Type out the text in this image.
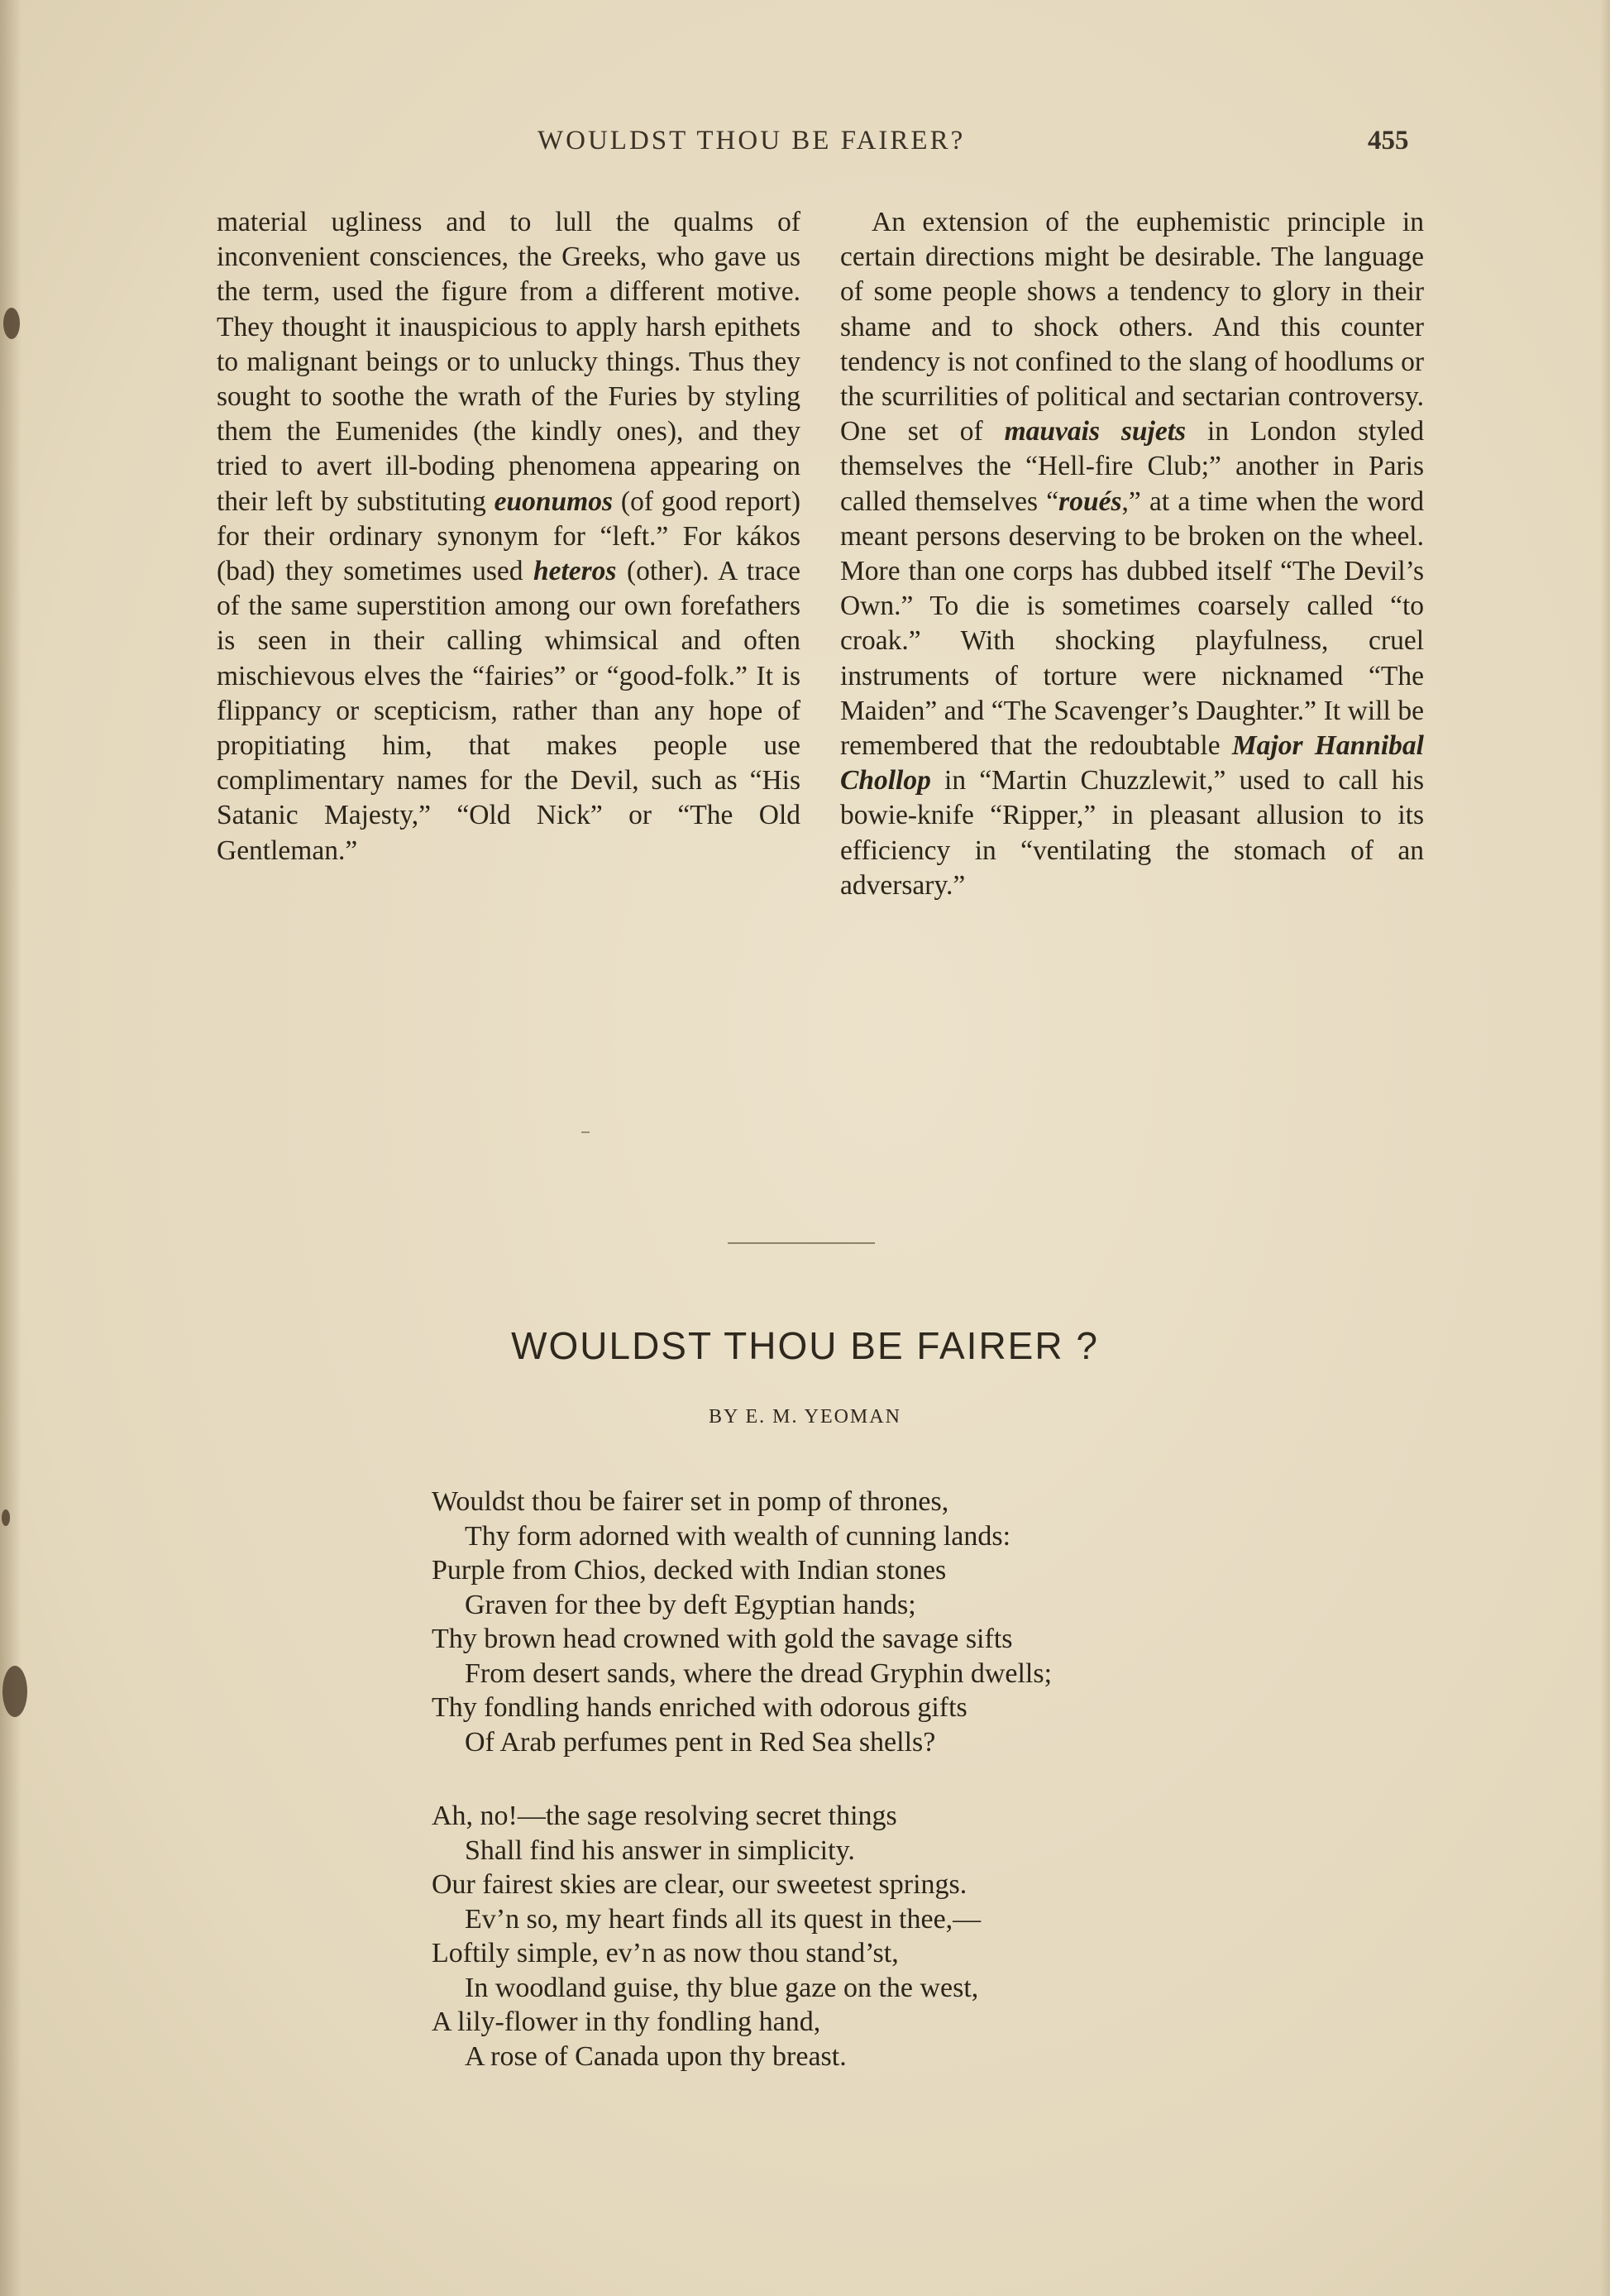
WOULDST THOU BE FAIRER?	455

material ugliness and to lull the qualms of inconvenient consciences, the Greeks, who gave us the term, used the figure from a different motive. They thought it inauspicious to apply harsh epithets to malignant beings or to unlucky things. Thus they sought to soothe the wrath of the Furies by styling them the Eumenides (the kindly ones), and they tried to avert ill-boding phenomena appearing on their left by substituting euonumos (of good report) for their ordinary synonym for “left.” For kákos (bad) they sometimes used heteros (other). A trace of the same superstition among our own forefathers is seen in their calling whimsical and often mischievous elves the “fairies” or “good-folk.” It is flippancy or scepticism, rather than any hope of propitiating him, that makes people use complimentary names for the Devil, such as “His Satanic Majesty,” “Old Nick” or “The Old Gentleman.”

An extension of the euphemistic principle in certain directions might be desirable. The language of some people shows a tendency to glory in their shame and to shock others. And this counter tendency is not confined to the slang of hoodlums or the scurrilities of political and sectarian controversy. One set of mauvais sujets in London styled themselves the “Hell-fire Club;” another in Paris called themselves “roués,” at a time when the word meant persons deserving to be broken on the wheel. More than one corps has dubbed itself “The Devil’s Own.” To die is sometimes coarsely called “to croak.” With shocking playfulness, cruel instruments of torture were nicknamed “The Maiden” and “The Scavenger’s Daughter.” It will be remembered that the redoubtable Major Hannibal Chollop in “Martin Chuzzlewit,” used to call his bowie-knife “Ripper,” in pleasant allusion to its efficiency in “ventilating the stomach of an adversary.”

WOULDST THOU BE FAIRER ?
BY E. M. YEOMAN
Wouldst thou be fairer set in pomp of thrones,
Thy form adorned with wealth of cunning lands:
Purple from Chios, decked with Indian stones
Graven for thee by deft Egyptian hands;
Thy brown head crowned with gold the savage sifts
From desert sands, where the dread Gryphin dwells;
Thy fondling hands enriched with odorous gifts
Of Arab perfumes pent in Red Sea shells?
Ah, no!—the sage resolving secret things
Shall find his answer in simplicity.
Our fairest skies are clear, our sweetest springs.
Ev’n so, my heart finds all its quest in thee,—
Loftily simple, ev’n as now thou stand’st,
In woodland guise, thy blue gaze on the west,
A lily-flower in thy fondling hand,
A rose of Canada upon thy breast.
